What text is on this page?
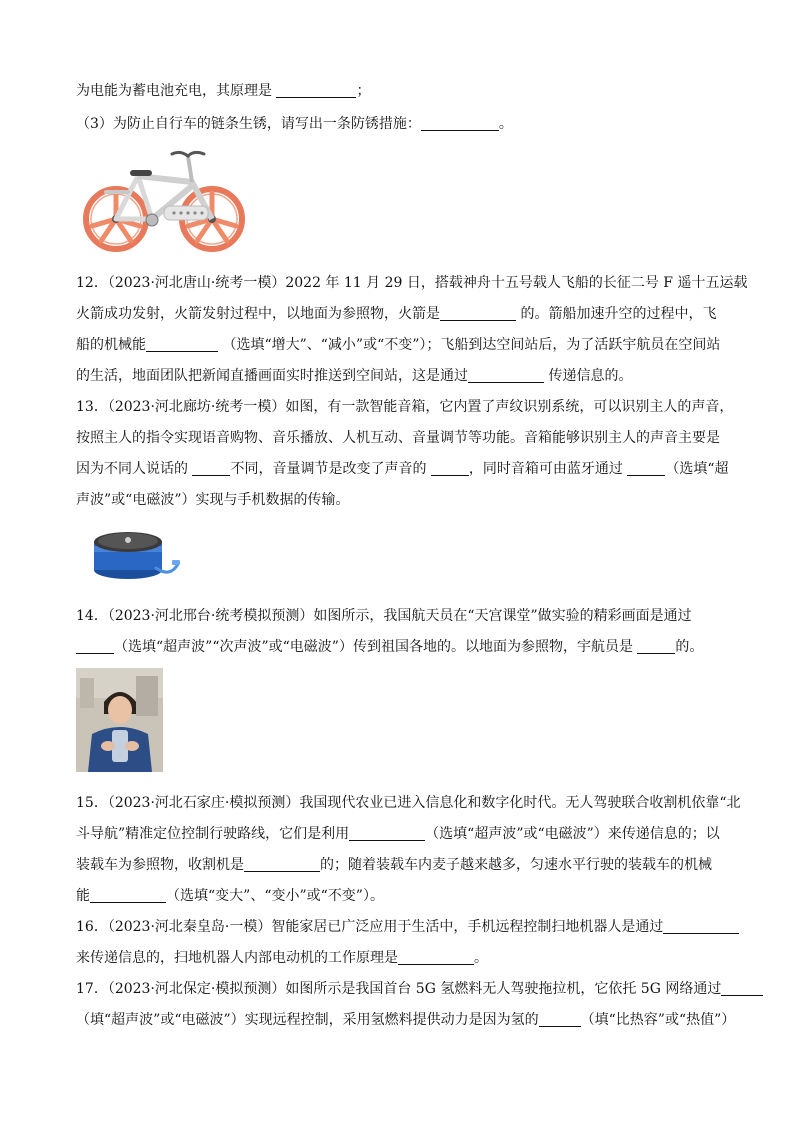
为电能为蓄电池充电，其原理是	；
（3）为防止自行车的链条生锈，请写出一条防锈措施：	。
12．（2023·河北唐山·统考一模）2022 年 11 月 29 日，搭载神舟十五号载人飞船的长征二号 F 遥十五运载
火箭成功发射，火箭发射过程中，以地面为参照物，火箭是	的。箭船加速升空的过程中，飞
船的机械能	（选填“增大”、“减小”或“不变”）；飞船到达空间站后，为了活跃宇航员在空间站
的生活，地面团队把新闻直播画面实时推送到空间站，这是通过	传递信息的。
13．（2023·河北廊坊·统考一模）如图，有一款智能音箱，它内置了声纹识别系统，可以识别主人的声音，
按照主人的指令实现语音购物、音乐播放、人机互动、音量调节等功能。音箱能够识别主人的声音主要是
因为不同人说话的	不同，音量调节是改变了声音的	，同时音箱可由蓝牙通过	（选填“超
声波”或“电磁波”）实现与手机数据的传输。
14．（2023·河北邢台·统考模拟预测）如图所示，我国航天员在“天宫课堂”做实验的精彩画面是通过
（选填“超声波”“次声波”或“电磁波”）传到祖国各地的。以地面为参照物，宇航员是	的。
15．（2023·河北石家庄·模拟预测）我国现代农业已进入信息化和数字化时代。无人驾驶联合收割机依靠“北
斗导航”精准定位控制行驶路线，它们是利用	（选填“超声波”或“电磁波”）来传递信息的；以
装载车为参照物，收割机是	的；随着装载车内麦子越来越多，匀速水平行驶的装载车的机械
能	（选填“变大”、“变小”或“不变”）。
16．（2023·河北秦皇岛·一模）智能家居已广泛应用于生活中，手机远程控制扫地机器人是通过
来传递信息的，扫地机器人内部电动机的工作原理是	。
17．（2023·河北保定·模拟预测）如图所示是我国首台 5G 氢燃料无人驾驶拖拉机，它依托 5G 网络通过
（填“超声波”或“电磁波”）实现远程控制，采用氢燃料提供动力是因为氢的	（填“比热容”或“热值”）
